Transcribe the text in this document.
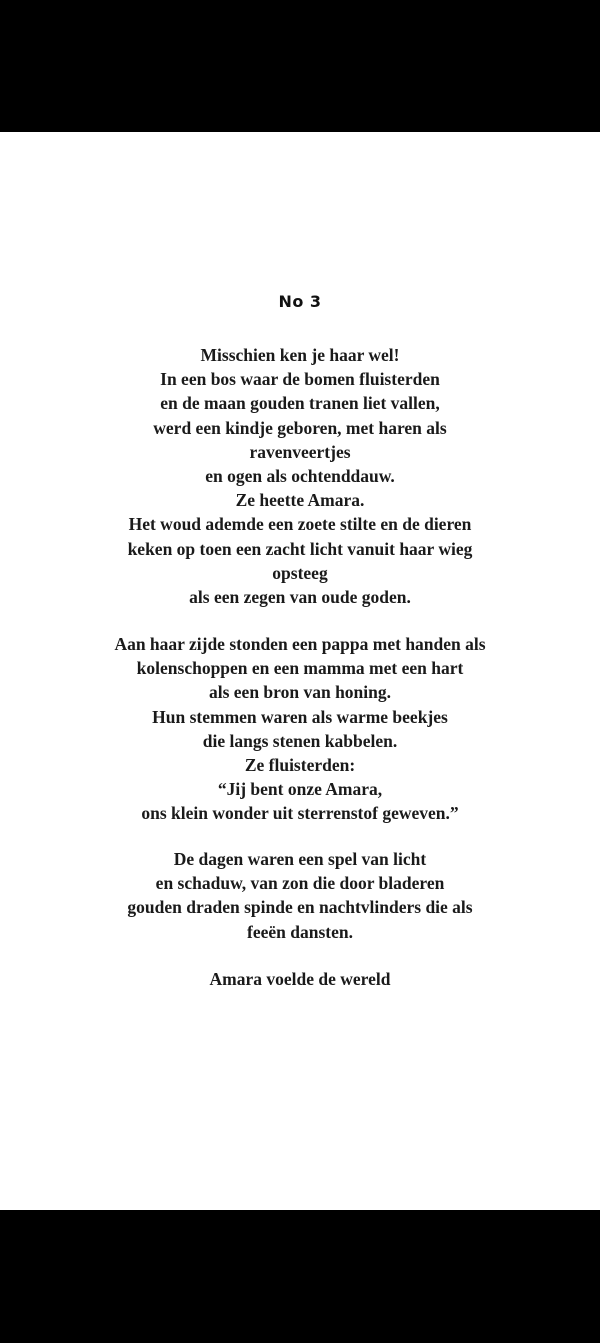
No 3
Misschien ken je haar wel!
In een bos waar de bomen fluisterden
en de maan gouden tranen liet vallen,
werd een kindje geboren, met haren als
ravenveertjes
en ogen als ochtenddauw.
Ze heette Amara.
Het woud ademde een zoete stilte en de dieren
keken op toen een zacht licht vanuit haar wieg
opsteeg
als een zegen van oude goden.
Aan haar zijde stonden een pappa met handen als
kolenschoppen en een mamma met een hart
als een bron van honing.
Hun stemmen waren als warme beekjes
die langs stenen kabbelen.
Ze fluisterden:
“Jij bent onze Amara,
ons klein wonder uit sterrenstof geweven.”
De dagen waren een spel van licht
en schaduw, van zon die door bladeren
gouden draden spinde en nachtvlinders die als
feeën dansten.
Amara voelde de wereld
